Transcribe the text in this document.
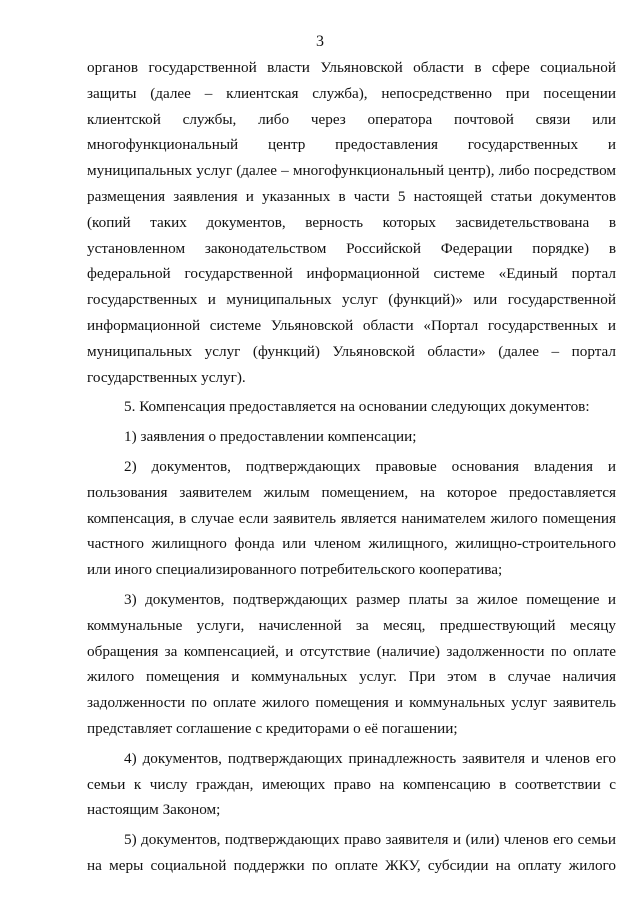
3

органов государственной власти Ульяновской области в сфере социальной защиты (далее – клиентская служба), непосредственно при посещении клиентской службы, либо через оператора почтовой связи или многофункциональный центр предоставления государственных и муниципальных услуг (далее – многофункциональный центр), либо посредством размещения заявления и указанных в части 5 настоящей статьи документов (копий таких документов, верность которых засвидетельствована в установленном законодательством Российской Федерации порядке) в федеральной государственной информационной системе «Единый портал государственных и муниципальных услуг (функций)» или государственной информационной системе Ульяновской области «Портал государственных и муниципальных услуг (функций) Ульяновской области» (далее – портал государственных услуг).

5. Компенсация предоставляется на основании следующих документов:

1) заявления о предоставлении компенсации;

2) документов, подтверждающих правовые основания владения и пользования заявителем жилым помещением, на которое предоставляется компенсация, в случае если заявитель является нанимателем жилого помещения частного жилищного фонда или членом жилищного, жилищно-строительного или иного специализированного потребительского кооператива;

3) документов, подтверждающих размер платы за жилое помещение и коммунальные услуги, начисленной за месяц, предшествующий месяцу обращения за компенсацией, и отсутствие (наличие) задолженности по оплате жилого помещения и коммунальных услуг. При этом в случае наличия задолженности по оплате жилого помещения и коммунальных услуг заявитель представляет соглашение с кредиторами о её погашении;

4) документов, подтверждающих принадлежность заявителя и членов его семьи к числу граждан, имеющих право на компенсацию в соответствии с настоящим Законом;

5) документов, подтверждающих право заявителя и (или) членов его семьи на меры социальной поддержки по оплате ЖКУ, субсидии на оплату жилого
